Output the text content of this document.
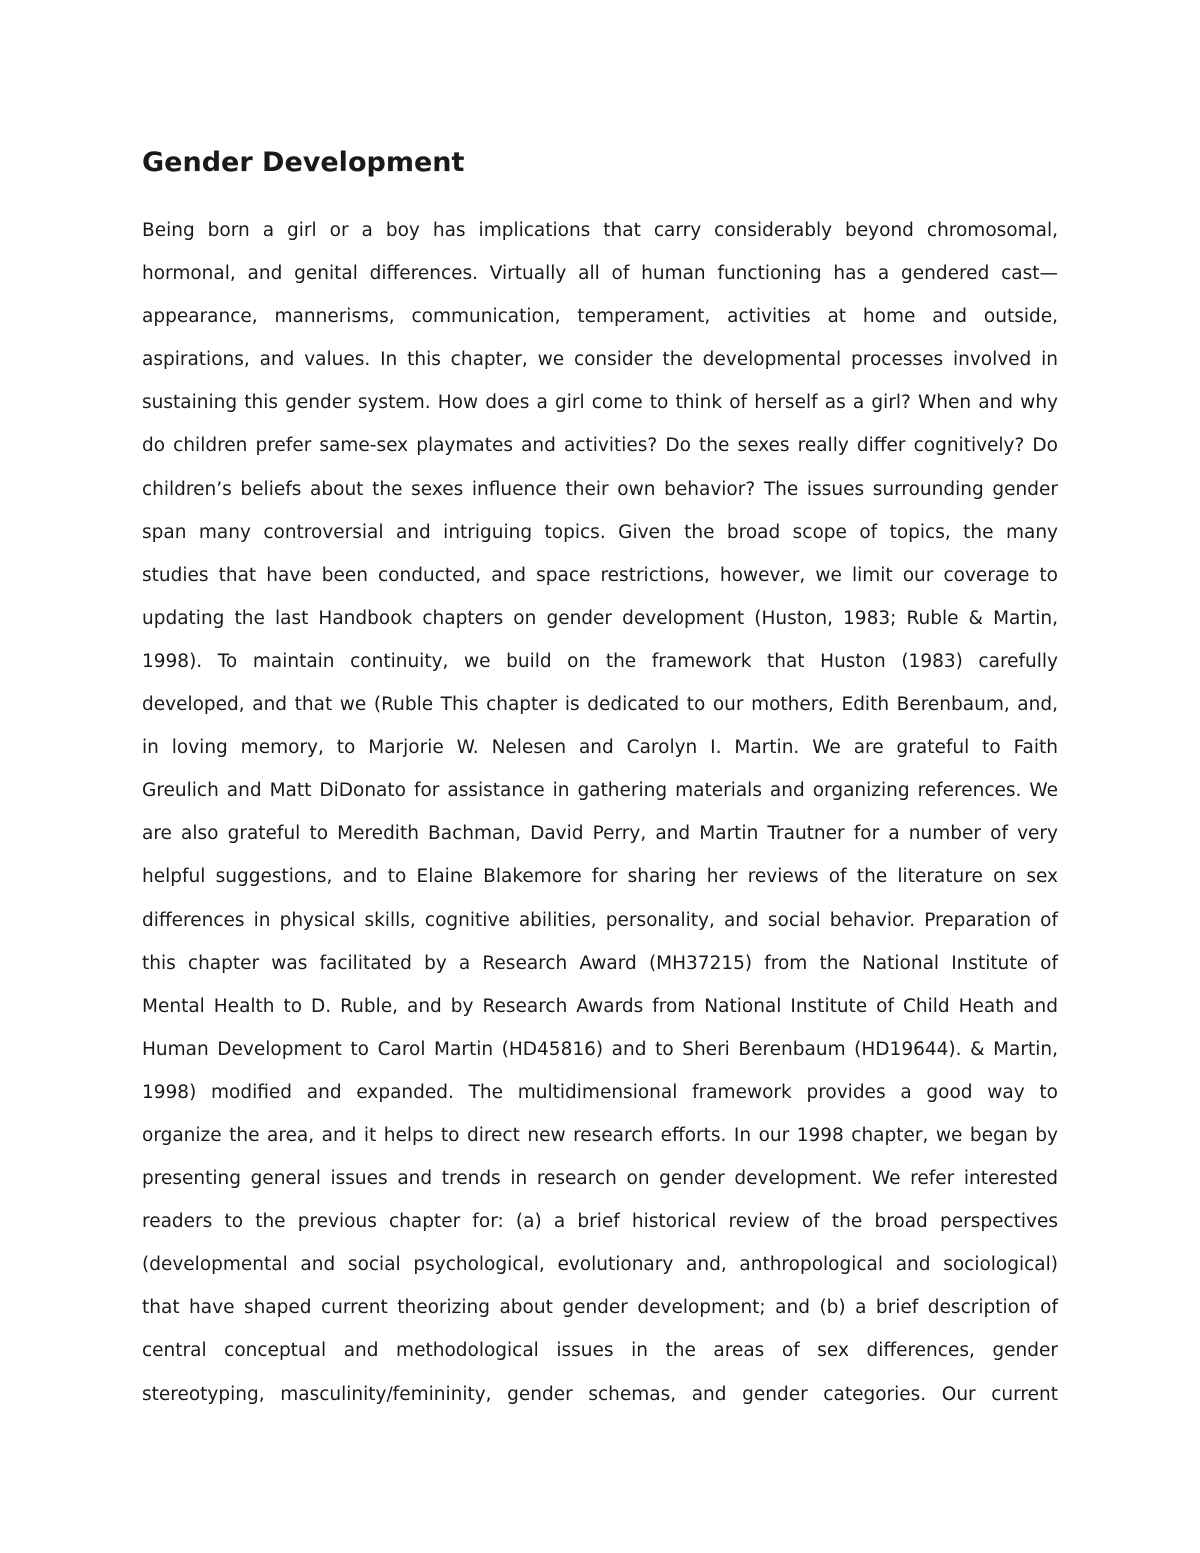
Gender Development
Being born a girl or a boy has implications that carry considerably beyond chromosomal,
hormonal, and genital differences. Virtually all of human functioning has a gendered cast—
appearance, mannerisms, communication, temperament, activities at home and outside,
aspirations, and values. In this chapter, we consider the developmental processes involved in
sustaining this gender system. How does a girl come to think of herself as a girl? When and why
do children prefer same-sex playmates and activities? Do the sexes really differ cognitively? Do
children’s beliefs about the sexes influence their own behavior? The issues surrounding gender
span many controversial and intriguing topics. Given the broad scope of topics, the many
studies that have been conducted, and space restrictions, however, we limit our coverage to
updating the last Handbook chapters on gender development (Huston, 1983; Ruble & Martin,
1998). To maintain continuity, we build on the framework that Huston (1983) carefully
developed, and that we (Ruble This chapter is dedicated to our mothers, Edith Berenbaum, and,
in loving memory, to Marjorie W. Nelesen and Carolyn I. Martin. We are grateful to Faith
Greulich and Matt DiDonato for assistance in gathering materials and organizing references. We
are also grateful to Meredith Bachman, David Perry, and Martin Trautner for a number of very
helpful suggestions, and to Elaine Blakemore for sharing her reviews of the literature on sex
differences in physical skills, cognitive abilities, personality, and social behavior. Preparation of
this chapter was facilitated by a Research Award (MH37215) from the National Institute of
Mental Health to D. Ruble, and by Research Awards from National Institute of Child Heath and
Human Development to Carol Martin (HD45816) and to Sheri Berenbaum (HD19644). & Martin,
1998) modified and expanded. The multidimensional framework provides a good way to
organize the area, and it helps to direct new research efforts. In our 1998 chapter, we began by
presenting general issues and trends in research on gender development. We refer interested
readers to the previous chapter for: (a) a brief historical review of the broad perspectives
(developmental and social psychological, evolutionary and, anthropological and sociological)
that have shaped current theorizing about gender development; and (b) a brief description of
central conceptual and methodological issues in the areas of sex differences, gender
stereotyping, masculinity/femininity, gender schemas, and gender categories. Our current
